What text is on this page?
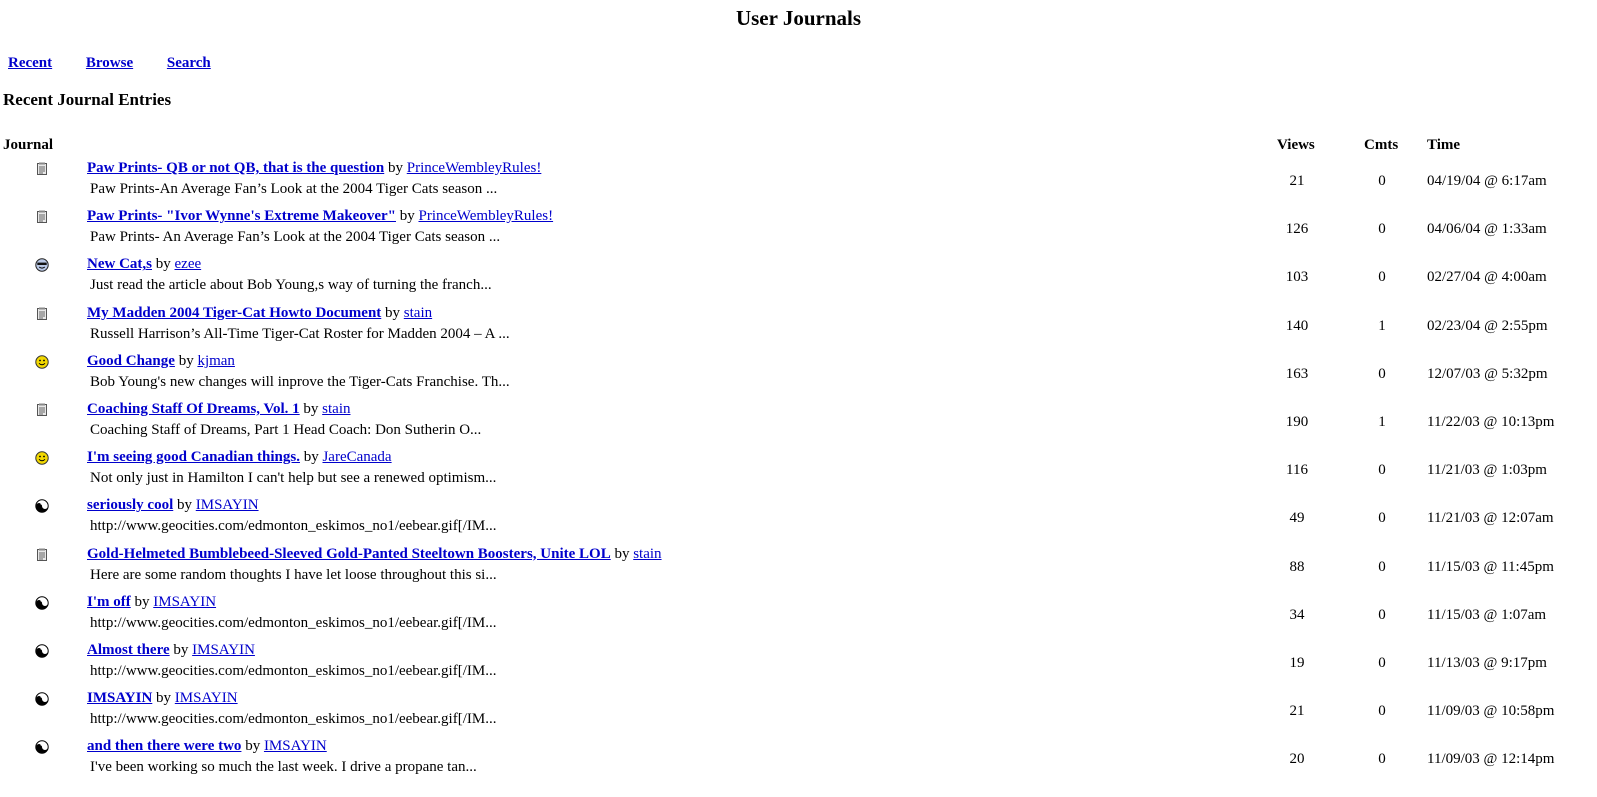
User Journals
Recent Browse Search
Recent Journal Entries
Journal	Views	Cmts Time
Paw Prints- QB or not QB, that is the question by PrinceWembleyRules!
Paw Prints-An Average Fan’s Look at the 2004 Tiger Cats season ...	21	0	04/19/04 @ 6:17am
Paw Prints- "Ivor Wynne's Extreme Makeover" by PrinceWembleyRules!
Paw Prints- An Average Fan’s Look at the 2004 Tiger Cats season ...	126	0	04/06/04 @ 1:33am
New Cat,s by ezee
Just read the article about Bob Young,s way of turning the franch...	103	0	02/27/04 @ 4:00am
My Madden 2004 Tiger-Cat Howto Document by stain
Russell Harrison’s All-Time Tiger-Cat Roster for Madden 2004 – A ...	140	1	02/23/04 @ 2:55pm
Good Change by kjman
Bob Young's new changes will inprove the Tiger-Cats Franchise. Th...	163	0	12/07/03 @ 5:32pm
Coaching Staff Of Dreams, Vol. 1 by stain
Coaching Staff of Dreams, Part 1 Head Coach: Don Sutherin O...	190	1	11/22/03 @ 10:13pm
I'm seeing good Canadian things. by JareCanada
Not only just in Hamilton I can't help but see a renewed optimism...	116	0	11/21/03 @ 1:03pm
seriously cool by IMSAYIN
http://www.geocities.com/edmonton_eskimos_no1/eebear.gif[/IM...	49	0	11/21/03 @ 12:07am
Gold-Helmeted Bumblebeed-Sleeved Gold-Panted Steeltown Boosters, Unite LOL by stain
Here are some random thoughts I have let loose throughout this si...	88	0	11/15/03 @ 11:45pm
I'm off by IMSAYIN
http://www.geocities.com/edmonton_eskimos_no1/eebear.gif[/IM...	34	0	11/15/03 @ 1:07am
Almost there by IMSAYIN
http://www.geocities.com/edmonton_eskimos_no1/eebear.gif[/IM...	19	0	11/13/03 @ 9:17pm
IMSAYIN by IMSAYIN
http://www.geocities.com/edmonton_eskimos_no1/eebear.gif[/IM...	21	0	11/09/03 @ 10:58pm
and then there were two by IMSAYIN
I've been working so much the last week. I drive a propane tan...	20	0	11/09/03 @ 12:14pm
